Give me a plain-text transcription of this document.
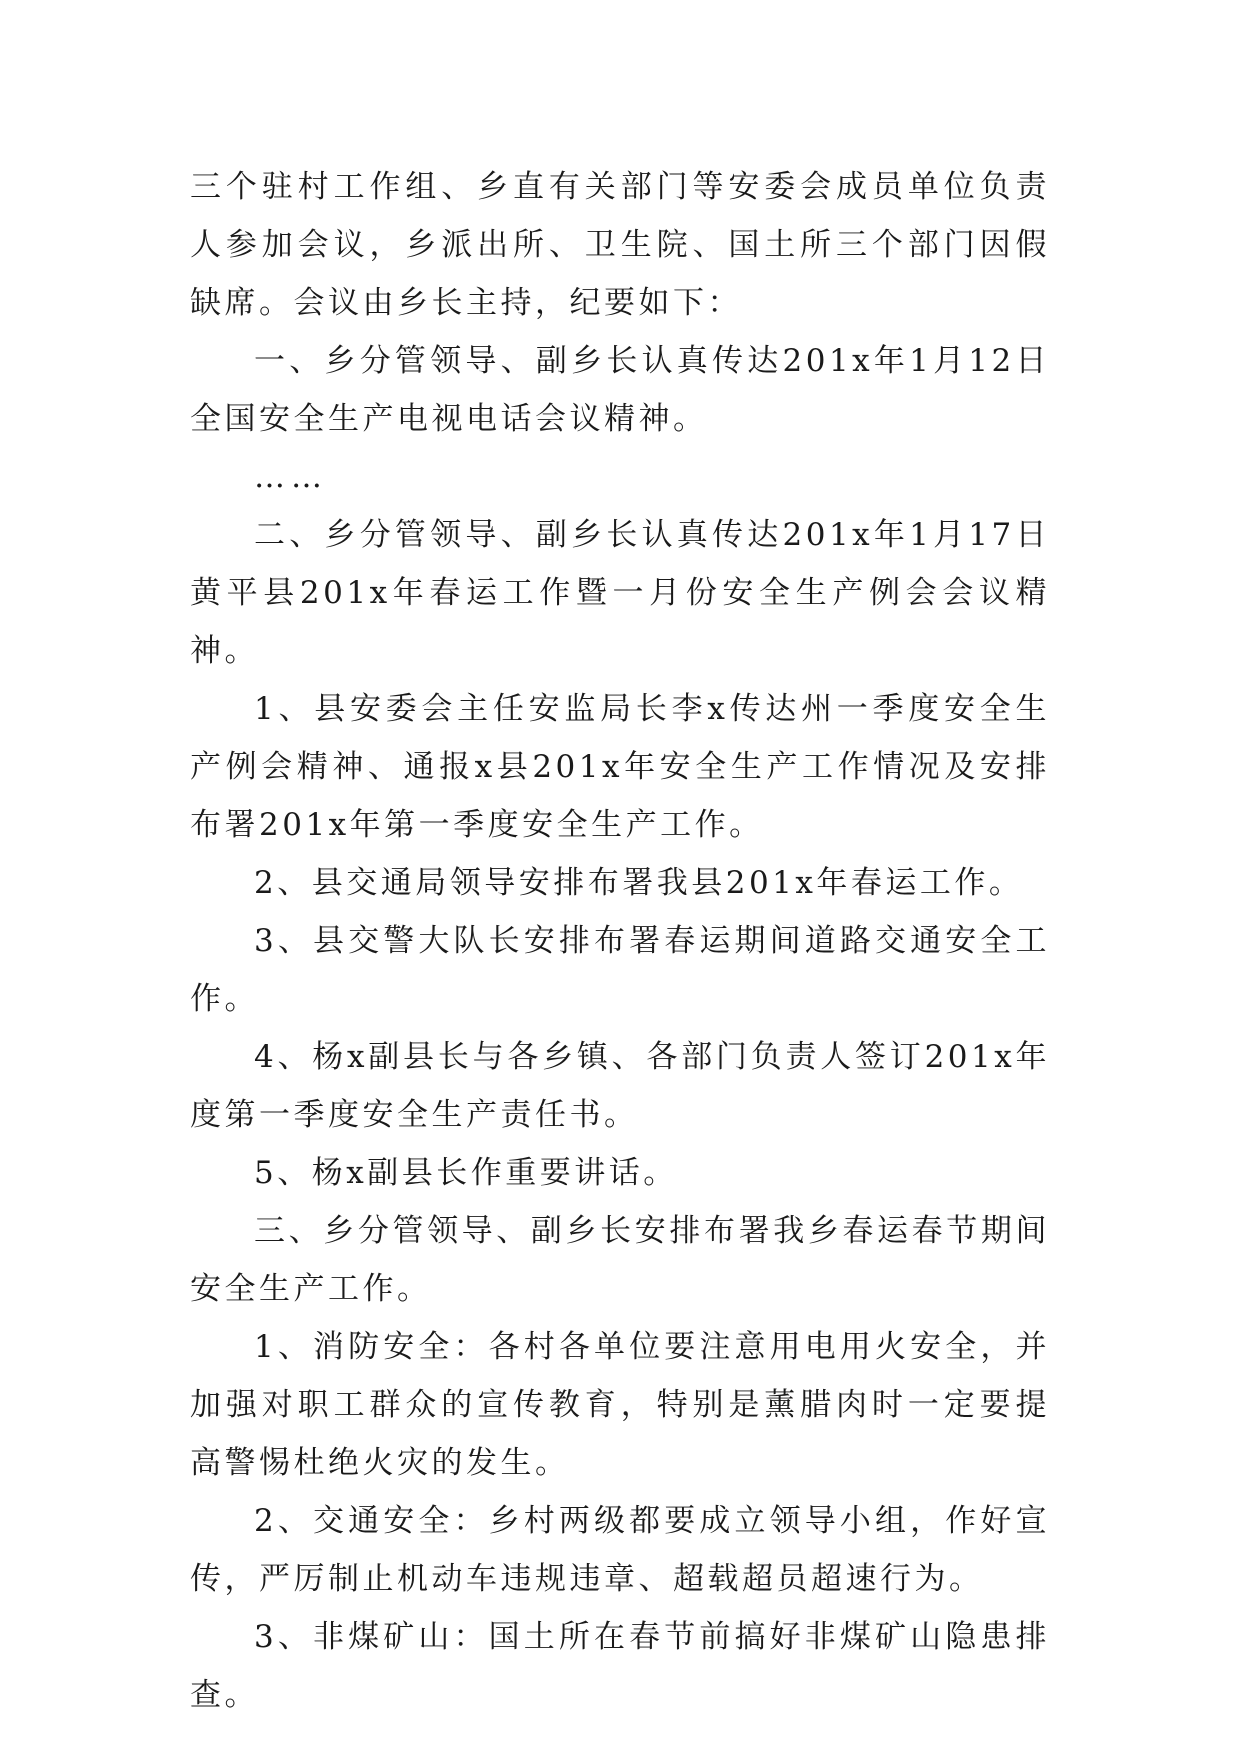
三个驻村工作组、乡直有关部门等安委会成员单位负责人参加会议，乡派出所、卫生院、国土所三个部门因假缺席。会议由乡长主持，纪要如下：

一、乡分管领导、副乡长认真传达201x年1月12日全国安全生产电视电话会议精神。

……

二、乡分管领导、副乡长认真传达201x年1月17日黄平县201x年春运工作暨一月份安全生产例会会议精神。

1、县安委会主任安监局长李x传达州一季度安全生产例会精神、通报x县201x年安全生产工作情况及安排布署201x年第一季度安全生产工作。

2、县交通局领导安排布署我县201x年春运工作。

3、县交警大队长安排布署春运期间道路交通安全工作。

4、杨x副县长与各乡镇、各部门负责人签订201x年度第一季度安全生产责任书。

5、杨x副县长作重要讲话。

三、乡分管领导、副乡长安排布署我乡春运春节期间安全生产工作。

1、消防安全：各村各单位要注意用电用火安全，并加强对职工群众的宣传教育，特别是薰腊肉时一定要提高警惕杜绝火灾的发生。

2、交通安全：乡村两级都要成立领导小组，作好宣传，严厉制止机动车违规违章、超载超员超速行为。

3、非煤矿山：国土所在春节前搞好非煤矿山隐患排查。
